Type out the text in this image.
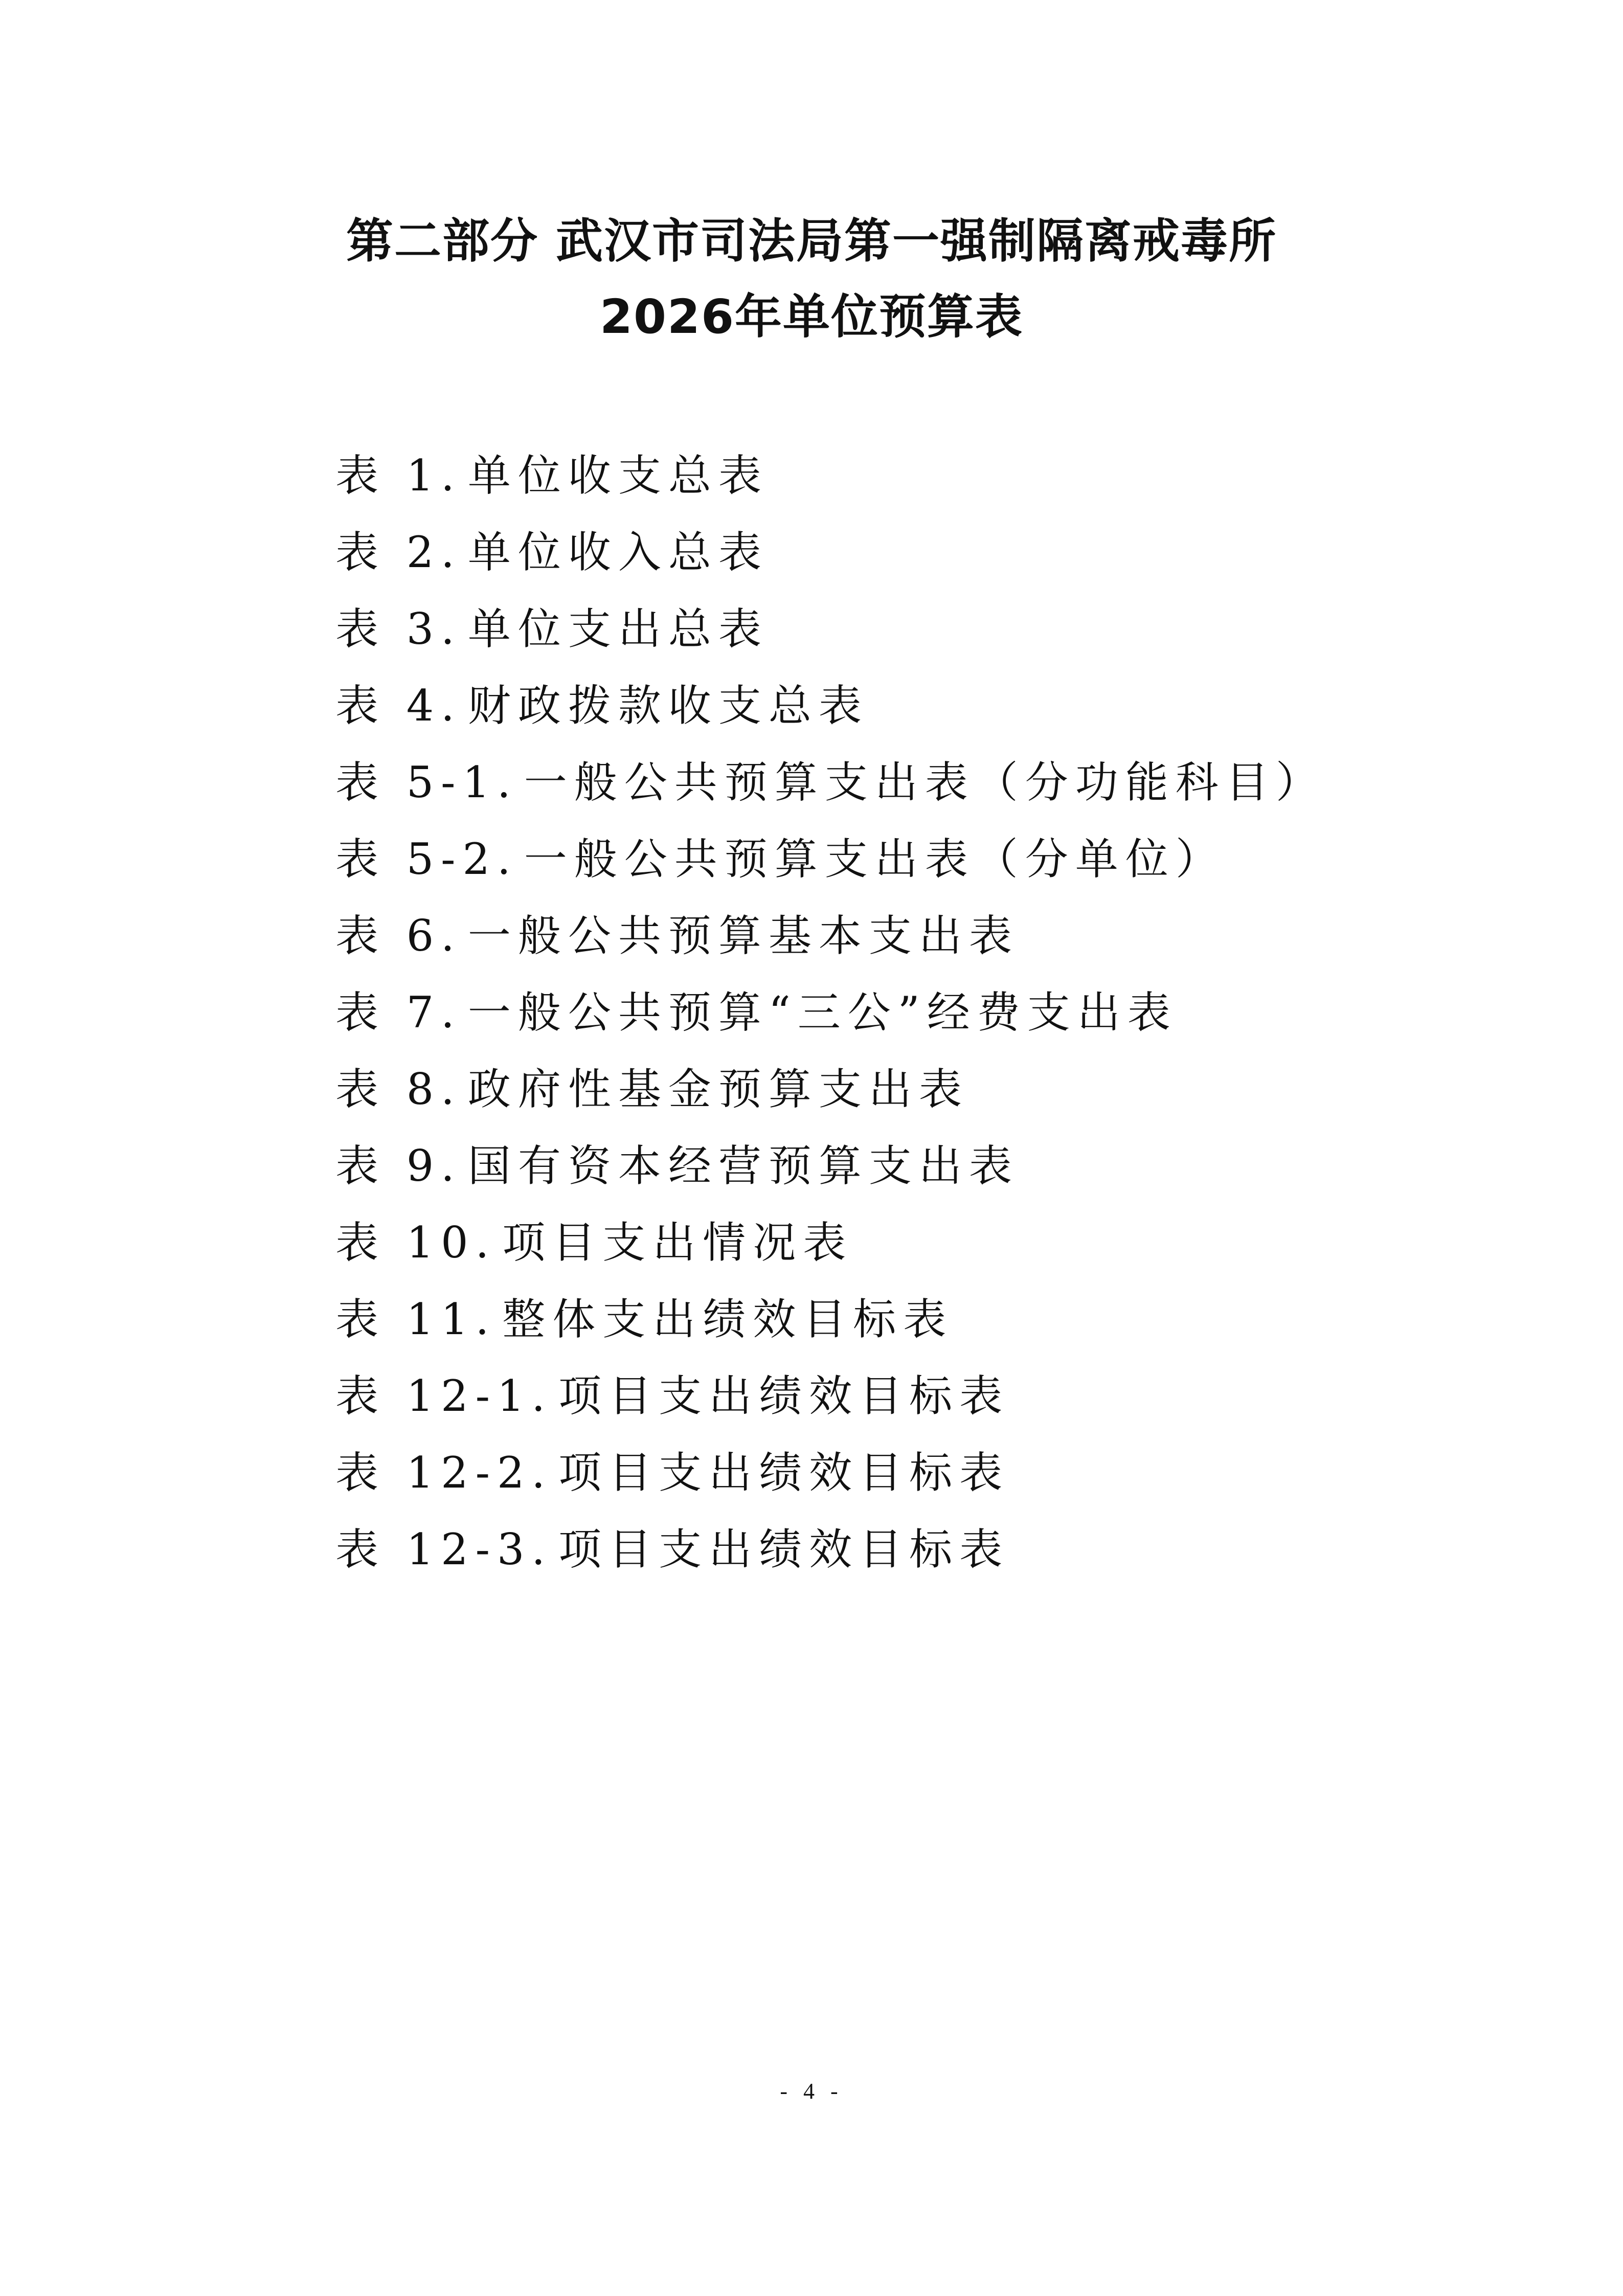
第二部分 武汉市司法局第一强制隔离戒毒所
2026年单位预算表
表 1. 单位收支总表
表 2. 单位收入总表
表 3. 单位支出总表
表 4. 财政拨款收支总表
表 5-1. 一般公共预算支出表（分功能科目）
表 5-2. 一般公共预算支出表（分单位）
表 6. 一般公共预算基本支出表
表 7. 一般公共预算“三公”经费支出表
表 8. 政府性基金预算支出表
表 9. 国有资本经营预算支出表
表 10. 项目支出情况表
表 11. 整体支出绩效目标表
表 12-1. 项目支出绩效目标表
表 12-2. 项目支出绩效目标表
表 12-3. 项目支出绩效目标表
- 4 -
